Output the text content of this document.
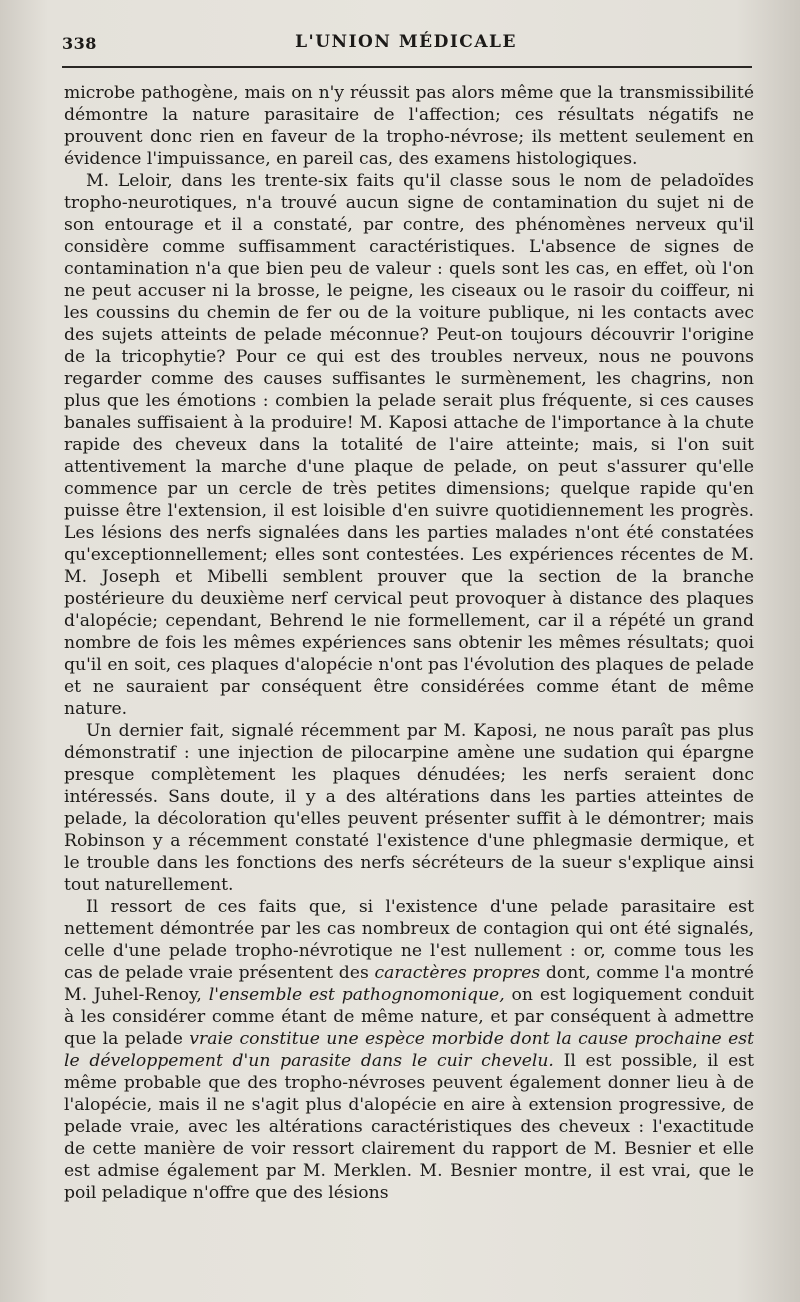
338	L'UNION MÉDICALE

microbe pathogène, mais on n'y réussit pas alors même que la transmissibilité démontre la nature parasitaire de l'affection; ces résultats négatifs ne prouvent donc rien en faveur de la tropho-névrose; ils mettent seulement en évidence l'impuissance, en pareil cas, des examens histologiques.

M. Leloir, dans les trente-six faits qu'il classe sous le nom de peladoïdes tropho-neurotiques, n'a trouvé aucun signe de contamination du sujet ni de son entourage et il a constaté, par contre, des phénomènes nerveux qu'il considère comme suffisamment caractéristiques. L'absence de signes de contamination n'a que bien peu de valeur : quels sont les cas, en effet, où l'on ne peut accuser ni la brosse, le peigne, les ciseaux ou le rasoir du coiffeur, ni les coussins du chemin de fer ou de la voiture publique, ni les contacts avec des sujets atteints de pelade méconnue? Peut-on toujours découvrir l'origine de la tricophytie? Pour ce qui est des troubles nerveux, nous ne pouvons regarder comme des causes suffisantes le surmènement, les chagrins, non plus que les émotions : combien la pelade serait plus fréquente, si ces causes banales suffisaient à la produire! M. Kaposi attache de l'importance à la chute rapide des cheveux dans la totalité de l'aire atteinte; mais, si l'on suit attentivement la marche d'une plaque de pelade, on peut s'assurer qu'elle commence par un cercle de très petites dimensions; quelque rapide qu'en puisse être l'extension, il est loisible d'en suivre quotidiennement les progrès. Les lésions des nerfs signalées dans les parties malades n'ont été constatées qu'exceptionnellement; elles sont contestées. Les expériences récentes de M. M. Joseph et Mibelli semblent prouver que la section de la branche postérieure du deuxième nerf cervical peut provoquer à distance des plaques d'alopécie; cependant, Behrend le nie formellement, car il a répété un grand nombre de fois les mêmes expériences sans obtenir les mêmes résultats; quoi qu'il en soit, ces plaques d'alopécie n'ont pas l'évolution des plaques de pelade et ne sauraient par conséquent être considérées comme étant de même nature.

Un dernier fait, signalé récemment par M. Kaposi, ne nous paraît pas plus démonstratif : une injection de pilocarpine amène une sudation qui épargne presque complètement les plaques dénudées; les nerfs seraient donc intéressés. Sans doute, il y a des altérations dans les parties atteintes de pelade, la décoloration qu'elles peuvent présenter suffit à le démontrer; mais Robinson y a récemment constaté l'existence d'une phlegmasie dermique, et le trouble dans les fonctions des nerfs sécréteurs de la sueur s'explique ainsi tout naturellement.

Il ressort de ces faits que, si l'existence d'une pelade parasitaire est nettement démontrée par les cas nombreux de contagion qui ont été signalés, celle d'une pelade tropho-névrotique ne l'est nullement : or, comme tous les cas de pelade vraie présentent des caractères propres dont, comme l'a montré M. Juhel-Renoy, l'ensemble est pathognomonique, on est logiquement conduit à les considérer comme étant de même nature, et par conséquent à admettre que la pelade vraie constitue une espèce morbide dont la cause prochaine est le développement d'un parasite dans le cuir chevelu. Il est possible, il est même probable que des tropho-névroses peuvent également donner lieu à de l'alopécie, mais il ne s'agit plus d'alopécie en aire à extension progressive, de pelade vraie, avec les altérations caractéristiques des cheveux : l'exactitude de cette manière de voir ressort clairement du rapport de M. Besnier et elle est admise également par M. Merklen. M. Besnier montre, il est vrai, que le poil peladique n'offre que des lésions
